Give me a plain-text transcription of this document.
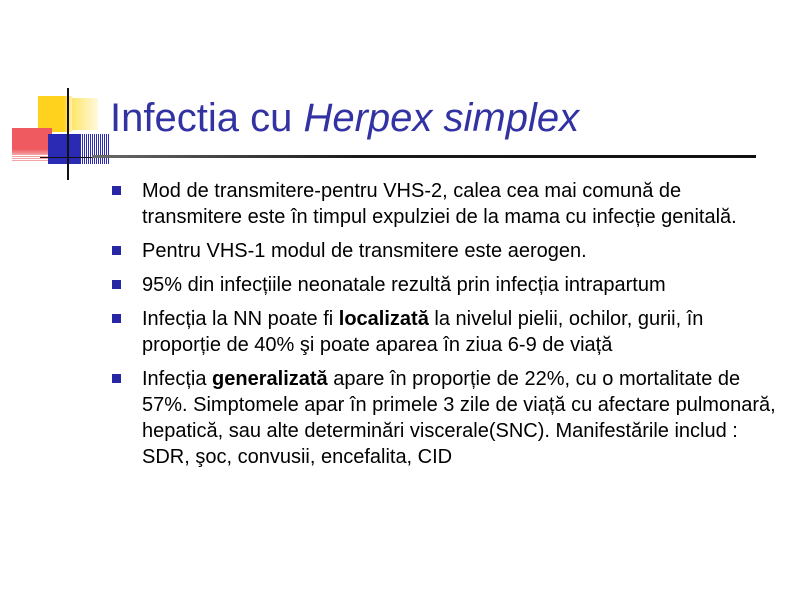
Infectia cu Herpex simplex
Mod de transmitere-pentru VHS-2, calea cea mai comună de transmitere este în timpul expulziei de la mama cu infecție genitală.
Pentru VHS-1 modul de transmitere este aerogen.
95% din infecțiile neonatale rezultă prin infecția intrapartum
Infecția la NN poate fi localizată la nivelul pielii, ochilor, gurii, în proporție de 40% şi poate aparea în ziua 6-9 de viață
Infecția generalizată apare în proporție de 22%, cu o mortalitate de 57%. Simptomele apar în primele 3 zile de viață cu afectare pulmonară, hepatică, sau alte determinări viscerale(SNC). Manifestările includ : SDR, şoc, convusii, encefalita, CID
